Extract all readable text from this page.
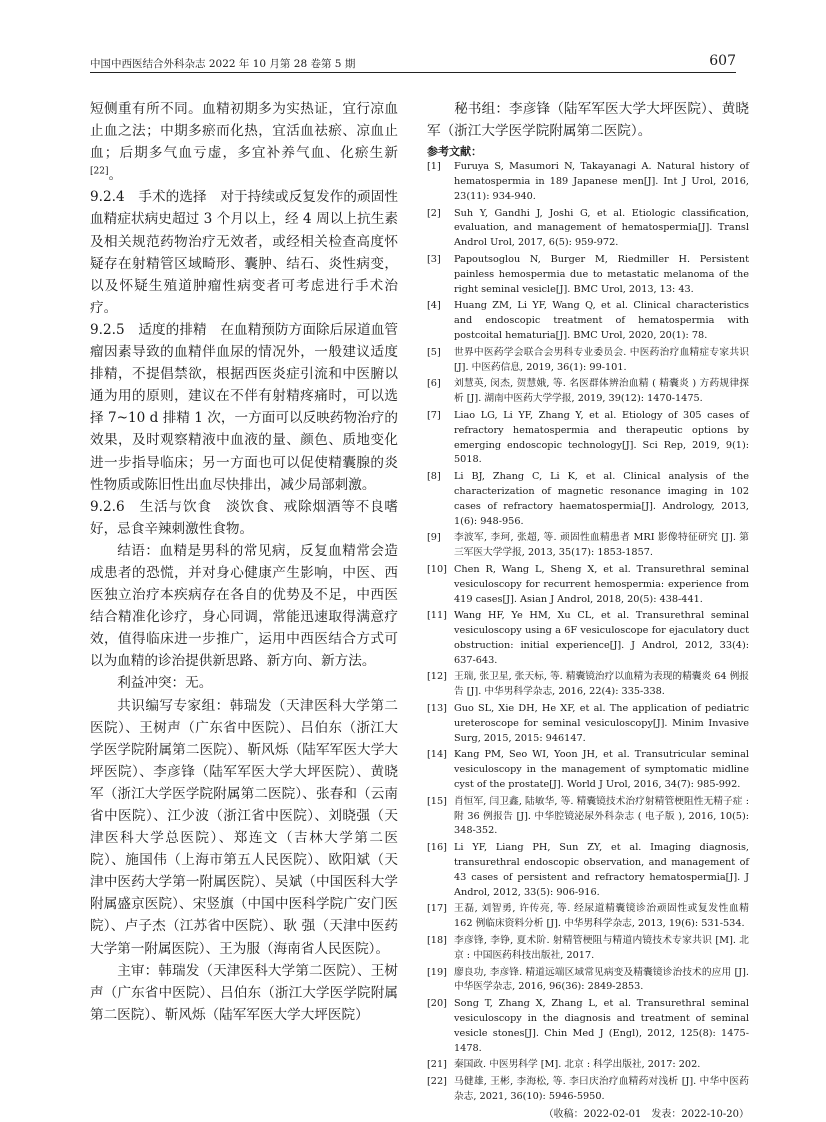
中国中西医结合外科杂志 2022 年 10 月第 28 卷第 5 期	607

短侧重有所不同。血精初期多为实热证，宜行凉血止血之法；中期多瘀而化热，宜活血祛瘀、凉血止血；后期多气血亏虚，多宜补养气血、化瘀生新[22]。

9.2.4　手术的选择　对于持续或反复发作的顽固性血精症状病史超过 3 个月以上，经 4 周以上抗生素及相关规范药物治疗无效者，或经相关检查高度怀疑存在射精管区域畸形、囊肿、结石、炎性病变，以及怀疑生殖道肿瘤性病变者可考虑进行手术治疗。

9.2.5　适度的排精　在血精预防方面除后尿道血管瘤因素导致的血精伴血尿的情况外，一般建议适度排精，不提倡禁欲，根据西医炎症引流和中医腑以通为用的原则，建议在不伴有射精疼痛时，可以选择 7~10 d 排精 1 次，一方面可以反映药物治疗的效果，及时观察精液中血液的量、颜色、质地变化进一步指导临床；另一方面也可以促使精囊腺的炎性物质或陈旧性出血尽快排出，减少局部刺激。

9.2.6　生活与饮食　淡饮食、戒除烟酒等不良嗜好，忌食辛辣刺激性食物。

结语：血精是男科的常见病，反复血精常会造成患者的恐慌，并对身心健康产生影响，中医、西医独立治疗本疾病存在各自的优势及不足，中西医结合精准化诊疗，身心同调，常能迅速取得满意疗效，值得临床进一步推广，运用中西医结合方式可以为血精的诊治提供新思路、新方向、新方法。

利益冲突：无。

共识编写专家组：韩瑞发（天津医科大学第二医院）、王树声（广东省中医院）、吕伯东（浙江大学医学院附属第二医院）、靳风烁（陆军军医大学大坪医院）、李彦锋（陆军军医大学大坪医院）、黄晓军（浙江大学医学院附属第二医院）、张春和（云南省中医院）、江少波（浙江省中医院）、刘晓强（天津医科大学总医院）、郑连文（吉林大学第二医院）、施国伟（上海市第五人民医院）、欧阳斌（天津中医药大学第一附属医院）、吴斌（中国医科大学附属盛京医院）、宋竖旗（中国中医科学院广安门医院）、卢子杰（江苏省中医院）、耿 强（天津中医药大学第一附属医院）、王为服（海南省人民医院）。

主审：韩瑞发（天津医科大学第二医院）、王树声（广东省中医院）、吕伯东（浙江大学医学院附属第二医院）、靳风烁（陆军军医大学大坪医院）

秘书组：李彦锋（陆军军医大学大坪医院）、黄晓军（浙江大学医学院附属第二医院）。

参考文献：
[1] Furuya S, Masumori N, Takayanagi A. Natural history of hematospermia in 189 Japanese men[J]. Int J Urol, 2016, 23(11): 934-940.
[2] Suh Y, Gandhi J, Joshi G, et al. Etiologic classification, evaluation, and management of hematospermia[J]. Transl Androl Urol, 2017, 6(5): 959-972.
[3] Papoutsoglou N, Burger M, Riedmiller H. Persistent painless hemospermia due to metastatic melanoma of the right seminal vesicle[J]. BMC Urol, 2013, 13: 43.
[4] Huang ZM, Li YF, Wang Q, et al. Clinical characteristics and endoscopic treatment of hematospermia with postcoital hematuria[J]. BMC Urol, 2020, 20(1): 78.
[5] 世界中医药学会联合会男科专业委员会. 中医药治疗血精症专家共识 [J]. 中医药信息, 2019, 36(1): 99-101.
[6] 刘慧英, 闵杰, 贺慧娥, 等. 名医群体辨治血精 ( 精囊炎 ) 方药规律探析 [J]. 湖南中医药大学学报, 2019, 39(12): 1470-1475.
[7] Liao LG, Li YF, Zhang Y, et al. Etiology of 305 cases of refractory hematospermia and therapeutic options by emerging endoscopic technology[J]. Sci Rep, 2019, 9(1): 5018.
[8] Li BJ, Zhang C, Li K, et al. Clinical analysis of the characterization of magnetic resonance imaging in 102 cases of refractory haematospermia[J]. Andrology, 2013, 1(6): 948-956.
[9] 李波军, 李珂, 张超, 等. 顽固性血精患者 MRI 影像特征研究 [J]. 第三军医大学学报, 2013, 35(17): 1853-1857.
[10] Chen R, Wang L, Sheng X, et al. Transurethral seminal vesiculoscopy for recurrent hemospermia: experience from 419 cases[J]. Asian J Androl, 2018, 20(5): 438-441.
[11] Wang HF, Ye HM, Xu CL, et al. Transurethral seminal vesiculoscopy using a 6F vesiculoscope for ejaculatory duct obstruction: initial experience[J]. J Androl, 2012, 33(4): 637-643.
[12] 王瑞, 张卫星, 张天标, 等. 精囊镜治疗以血精为表现的精囊炎 64 例报告 [J]. 中华男科学杂志, 2016, 22(4): 335-338.
[13] Guo SL, Xie DH, He XF, et al. The application of pediatric ureteroscope for seminal vesiculoscopy[J]. Minim Invasive Surg, 2015, 2015: 946147.
[14] Kang PM, Seo WI, Yoon JH, et al. Transutricular seminal vesiculoscopy in the management of symptomatic midline cyst of the prostate[J]. World J Urol, 2016, 34(7): 985-992.
[15] 肖恒军, 闫卫鑫, 陆敏华, 等. 精囊镜技术治疗射精管梗阻性无精子症 : 附 36 例报告 [J]. 中华腔镜泌尿外科杂志 ( 电子版 ), 2016, 10(5): 348-352.
[16] Li YF, Liang PH, Sun ZY, et al. Imaging diagnosis, transurethral endoscopic observation, and management of 43 cases of persistent and refractory hematospermia[J]. J Androl, 2012, 33(5): 906-916.
[17] 王磊, 刘智勇, 许传亮, 等. 经尿道精囊镜诊治顽固性或复发性血精 162 例临床资料分析 [J]. 中华男科学杂志, 2013, 19(6): 531-534.
[18] 李彦锋, 李铮, 夏术阶. 射精管梗阻与精道内镜技术专家共识 [M]. 北京 : 中国医药科技出版社, 2017.
[19] 廖良功, 李彦锋. 精道远端区域常见病变及精囊镜诊治技术的应用 [J]. 中华医学杂志, 2016, 96(36): 2849-2853.
[20] Song T, Zhang X, Zhang L, et al. Transurethral seminal vesiculoscopy in the diagnosis and treatment of seminal vesicle stones[J]. Chin Med J (Engl), 2012, 125(8): 1475-1478.
[21] 秦国政. 中医男科学 [M]. 北京 : 科学出版社, 2017: 202.
[22] 马健雄, 王彬, 李海松, 等. 李曰庆治疗血精药对浅析 [J]. 中华中医药杂志, 2021, 36(10): 5946-5950.
（收稿：2022-02-01　发表：2022-10-20）
